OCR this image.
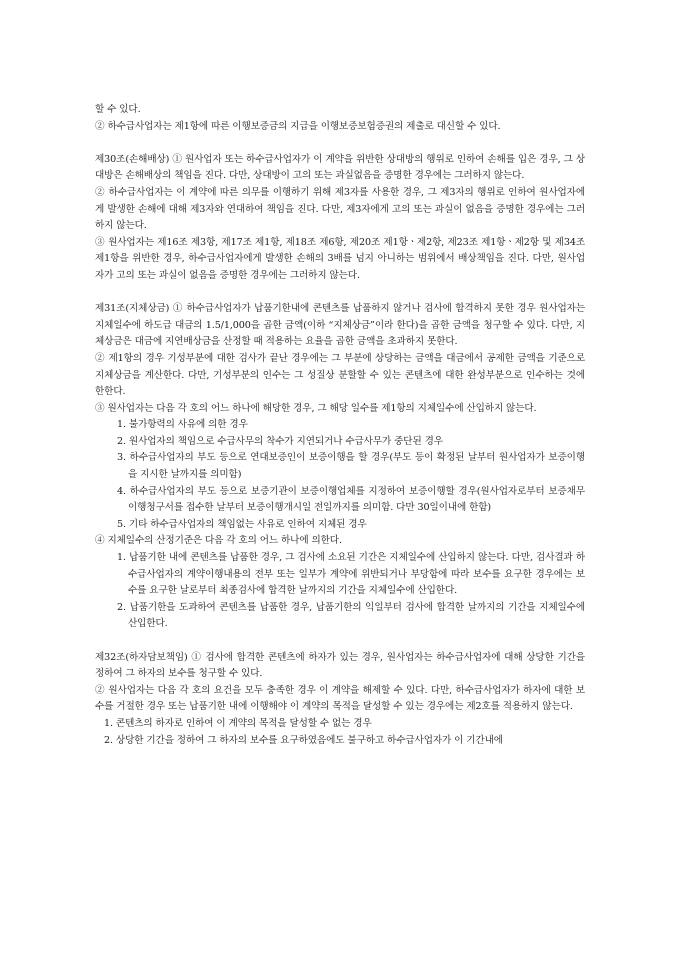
할 수 있다.

② 하수급사업자는 제1항에 따른 이행보증금의 지급을 이행보증보험증권의 제출로 대신할 수 있다.

제30조(손해배상) ① 원사업자 또는 하수급사업자가 이 계약을 위반한 상대방의 행위로 인하여 손해를 입은 경우, 그 상대방은 손해배상의 책임을 진다. 다만, 상대방이 고의 또는 과실없음을 증명한 경우에는 그러하지 않는다.

② 하수급사업자는 이 계약에 따른 의무를 이행하기 위해 제3자를 사용한 경우, 그 제3자의 행위로 인하여 원사업자에게 발생한 손해에 대해 제3자와 연대하여 책임을 진다. 다만, 제3자에게 고의 또는 과실이 없음을 증명한 경우에는 그러하지 않는다.

③ 원사업자는 제16조 제3항, 제17조 제1항, 제18조 제6항, 제20조 제1항ㆍ제2항, 제23조 제1항ㆍ제2항 및 제34조 제1항을 위반한 경우, 하수급사업자에게 발생한 손해의 3배를 넘지 아니하는 범위에서 배상책임을 진다. 다만, 원사업자가 고의 또는 과실이 없음을 증명한 경우에는 그러하지 않는다.

제31조(지체상금) ① 하수급사업자가 납품기한내에 콘텐츠를 납품하지 않거나 검사에 합격하지 못한 경우 원사업자는 지체일수에 하도급 대금의 1.5/1,000을 곱한 금액(이하 “지체상금”이라 한다)을 곱한 금액을 청구할 수 있다. 다만, 지체상금은 대금에 지연배상금을 산정할 때 적용하는 요율을 곱한 금액을 초과하지 못한다.

② 제1항의 경우 기성부분에 대한 검사가 끝난 경우에는 그 부분에 상당하는 금액을 대금에서 공제한 금액을 기준으로 지체상금을 계산한다. 다만, 기성부분의 인수는 그 성질상 분할할 수 있는 콘텐츠에 대한 완성부분으로 인수하는 것에 한한다.

③ 원사업자는 다음 각 호의 어느 하나에 해당한 경우, 그 해당 일수를 제1항의 지체일수에 산입하지 않는다.

1. 불가항력의 사유에 의한 경우

2. 원사업자의 책임으로 수급사무의 착수가 지연되거나 수급사무가 중단된 경우

3. 하수급사업자의 부도 등으로 연대보증인이 보증이행을 할 경우(부도 등이 확정된 날부터 원사업자가 보증이행을 지시한 날까지를 의미함)

4. 하수급사업자의 부도 등으로 보증기관이 보증이행업체를 지정하여 보증이행할 경우(원사업자로부터 보증채무이행청구서를 접수한 날부터 보증이행개시일 전일까지를 의미함. 다만 30일이내에 한함)

5. 기타 하수급사업자의 책임없는 사유로 인하여 지체된 경우

④ 지체일수의 산정기준은 다음 각 호의 어느 하나에 의한다.

1. 납품기한 내에 콘텐츠를 납품한 경우, 그 검사에 소요된 기간은 지체일수에 산입하지 않는다. 다만, 검사결과 하수급사업자의 계약이행내용의 전부 또는 일부가 계약에 위반되거나 부당함에 따라 보수를 요구한 경우에는 보수를 요구한 날로부터 최종검사에 합격한 날까지의 기간을 지체일수에 산입한다.

2. 납품기한을 도과하여 콘텐츠를 납품한 경우, 납품기한의 익일부터 검사에 합격한 날까지의 기간을 지체일수에 산입한다.

제32조(하자담보책임) ① 검사에 합격한 콘텐츠에 하자가 있는 경우, 원사업자는 하수급사업자에 대해 상당한 기간을 정하여 그 하자의 보수를 청구할 수 있다.

② 원사업자는 다음 각 호의 요건을 모두 충족한 경우 이 계약을 해제할 수 있다. 다만, 하수급사업자가 하자에 대한 보수를 거절한 경우 또는 납품기한 내에 이행해야 이 계약의 목적을 달성할 수 있는 경우에는 제2호를 적용하지 않는다.

1. 콘텐츠의 하자로 인하여 이 계약의 목적을 달성할 수 없는 경우

2. 상당한 기간을 정하여 그 하자의 보수를 요구하였음에도 불구하고 하수급사업자가 이 기간내에
